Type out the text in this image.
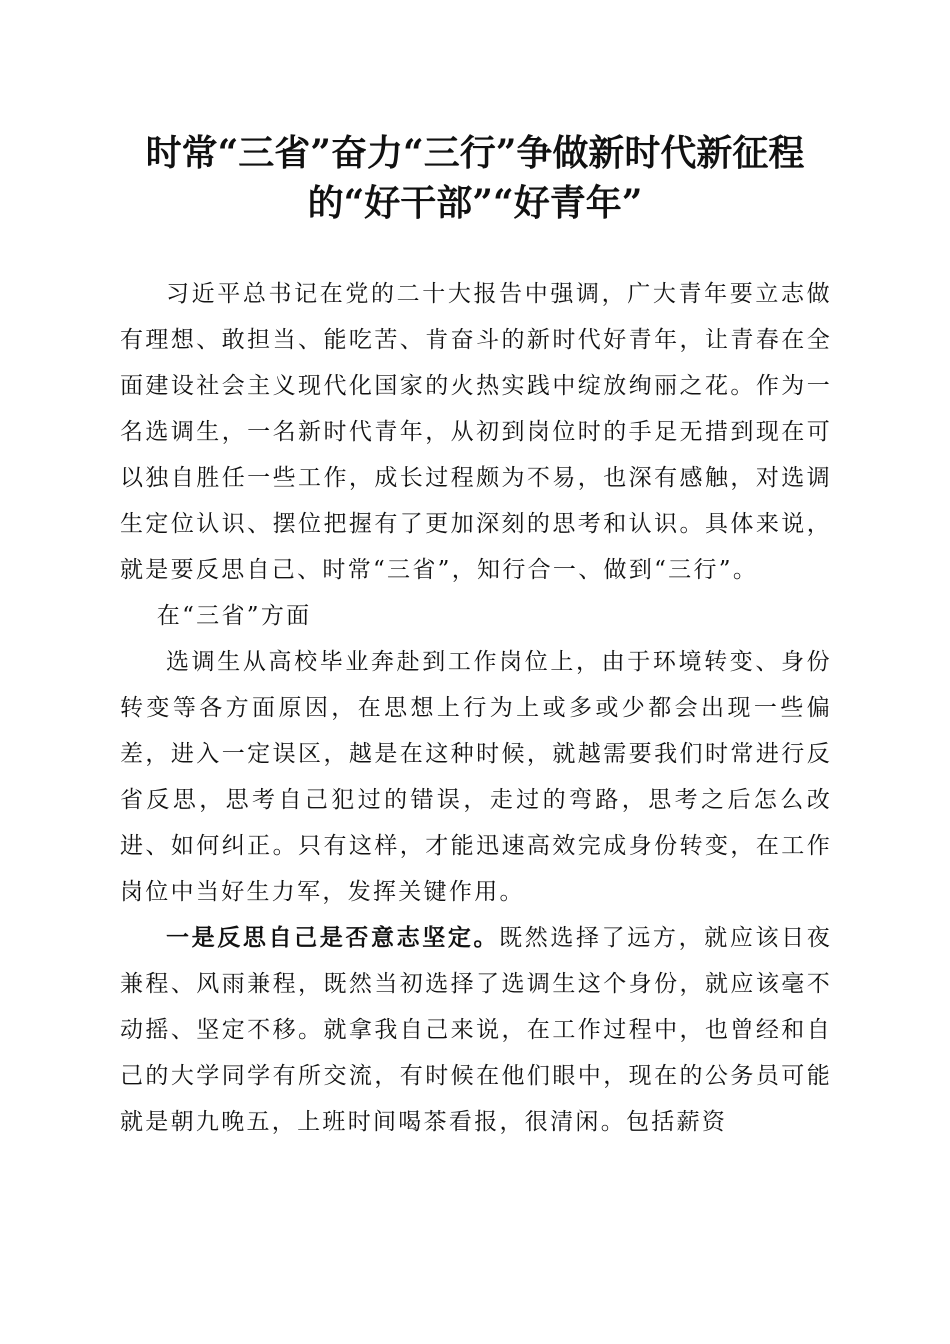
时常“三省”奋力“三行”争做新时代新征程
的“好干部”“好青年”

习近平总书记在党的二十大报告中强调，广大青年要立志做有理想、敢担当、能吃苦、肯奋斗的新时代好青年，让青春在全面建设社会主义现代化国家的火热实践中绽放绚丽之花。作为一名选调生，一名新时代青年，从初到岗位时的手足无措到现在可以独自胜任一些工作，成长过程颇为不易，也深有感触，对选调生定位认识、摆位把握有了更加深刻的思考和认识。具体来说，就是要反思自己、时常“三省”，知行合一、做到“三行”。

在“三省”方面

选调生从高校毕业奔赴到工作岗位上，由于环境转变、身份转变等各方面原因，在思想上行为上或多或少都会出现一些偏差，进入一定误区，越是在这种时候，就越需要我们时常进行反省反思，思考自己犯过的错误，走过的弯路，思考之后怎么改进、如何纠正。只有这样，才能迅速高效完成身份转变，在工作岗位中当好生力军，发挥关键作用。

一是反思自己是否意志坚定。既然选择了远方，就应该日夜兼程、风雨兼程，既然当初选择了选调生这个身份，就应该毫不动摇、坚定不移。就拿我自己来说，在工作过程中，也曾经和自己的大学同学有所交流，有时候在他们眼中，现在的公务员可能就是朝九晚五，上班时间喝茶看报，很清闲。包括薪资
